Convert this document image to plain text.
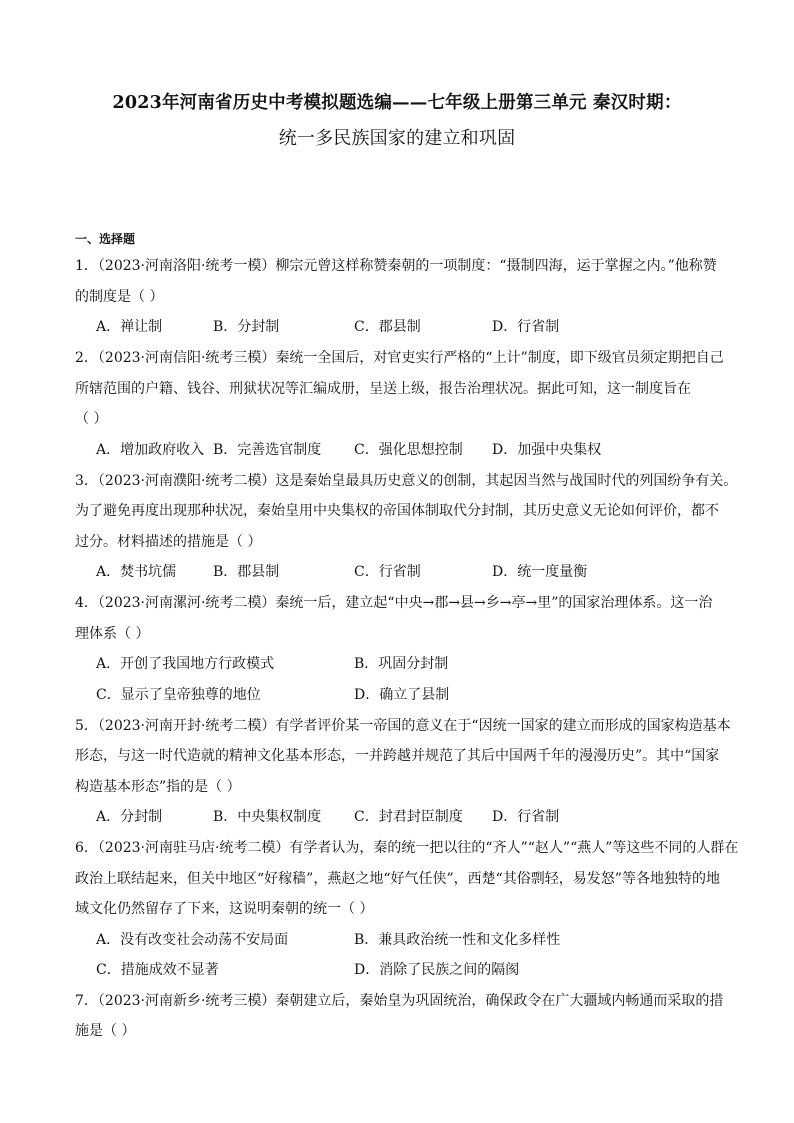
2023年河南省历史中考模拟题选编——七年级上册第三单元 秦汉时期：
统一多民族国家的建立和巩固
一、选择题
1．（2023·河南洛阳·统考一模）柳宗元曾这样称赞秦朝的一项制度：“摄制四海，运于掌握之内。”他称赞
的制度是（ ）
A．禅让制	B．分封制	C．郡县制	D．行省制
2．（2023·河南信阳·统考三模）秦统一全国后，对官吏实行严格的“上计”制度，即下级官员须定期把自己
所辖范围的户籍、钱谷、刑狱状况等汇编成册，呈送上级，报告治理状况。据此可知，这一制度旨在
（ ）
A．增加政府收入 B．完善选官制度 C．强化思想控制 D．加强中央集权
3．（2023·河南濮阳·统考二模）这是秦始皇最具历史意义的创制，其起因当然与战国时代的列国纷争有关。
为了避免再度出现那种状况，秦始皇用中央集权的帝国体制取代分封制，其历史意义无论如何评价，都不
过分。材料描述的措施是（ ）
A．焚书坑儒	B．郡县制	C．行省制	D．统一度量衡
4．（2023·河南漯河·统考二模）秦统一后，建立起“中央→郡→县→乡→亭→里”的国家治理体系。这一治
理体系（ ）
A．开创了我国地方行政模式	B．巩固分封制
C．显示了皇帝独尊的地位	D．确立了县制
5．（2023·河南开封·统考二模）有学者评价某一帝国的意义在于“因统一国家的建立而形成的国家构造基本
形态，与这一时代造就的精神文化基本形态，一并跨越并规范了其后中国两千年的漫漫历史”。其中“国家
构造基本形态”指的是（ ）
A．分封制	B．中央集权制度 C．封君封臣制度 D．行省制
6．（2023·河南驻马店·统考二模）有学者认为，秦的统一把以往的“齐人”“赵人”“燕人”等这些不同的人群在
政治上联结起来，但关中地区“好稼穑”，燕赵之地“好气任侠”，西楚“其俗剽轻，易发怒”等各地独特的地
域文化仍然留存了下来，这说明秦朝的统一（ ）
A．没有改变社会动荡不安局面	B．兼具政治统一性和文化多样性
C．措施成效不显著	D．消除了民族之间的隔阂
7．（2023·河南新乡·统考三模）秦朝建立后，秦始皇为巩固统治，确保政令在广大疆域内畅通而采取的措
施是（ ）
